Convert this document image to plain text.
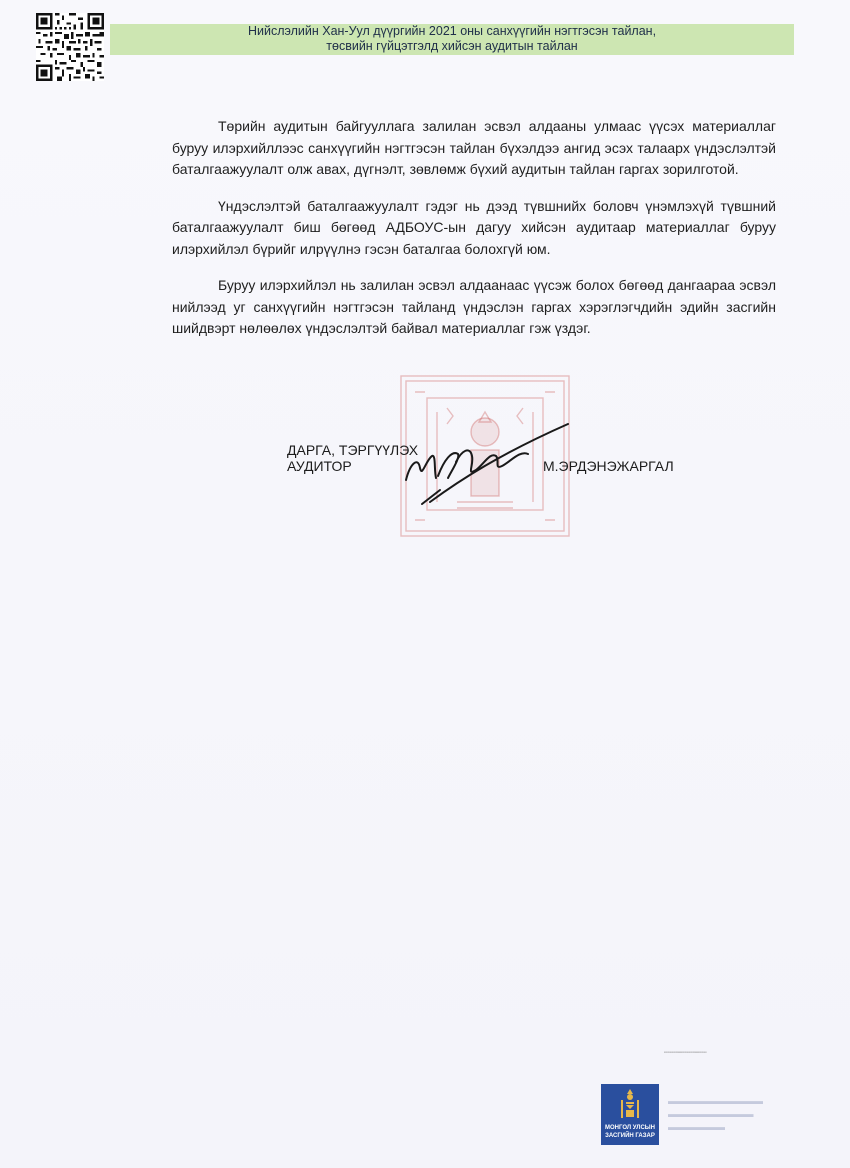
Нийслэлийн Хан-Уул дүүргийн 2021 оны санхүүгийн нэгтгэсэн тайлан,
төсвийн гүйцэтгэлд хийсэн аудитын тайлан

Төрийн аудитын байгууллага залилан эсвэл алдааны улмаас үүсэх материаллаг буруу илэрхийллээс санхүүгийн нэгтгэсэн тайлан бүхэлдээ ангид эсэх талаарх үндэслэлтэй баталгаажуулалт олж авах, дүгнэлт, зөвлөмж бүхий аудитын тайлан гаргах зорилготой.

Үндэслэлтэй баталгаажуулалт гэдэг нь дээд түвшнийх боловч үнэмлэхүй түвшний баталгаажуулалт биш бөгөөд АДБОУС-ын дагуу хийсэн аудитаар материаллаг буруу илэрхийлэл бүрийг илрүүлнэ гэсэн баталгаа болохгүй юм.

Буруу илэрхийлэл нь залилан эсвэл алдаанаас үүсэж болох бөгөөд дангаараа эсвэл нийлээд уг санхүүгийн нэгтгэсэн тайланд үндэслэн гаргах хэрэглэгчдийн эдийн засгийн шийдвэрт нөлөөлөх үндэслэлтэй байвал материаллаг гэж үздэг.

ДАРГА, ТЭРГҮҮЛЭХ
АУДИТОР	М.ЭРДЭНЭЖАРГАЛ
▪▪▪▪▪▪▪▪▪▪▪▪▪▪▪▪▪▪▪▪▪▪▪▪▪▪▪▪▪▪▪▪▪▪▪▪▪▪▪▪
МОНГОЛ УЛСЫН
ЗАСГИЙН ГАЗАР
▬▬▬▬▬▬▬▬▬▬
▬▬▬▬▬▬▬▬▬
▬▬▬▬▬▬
